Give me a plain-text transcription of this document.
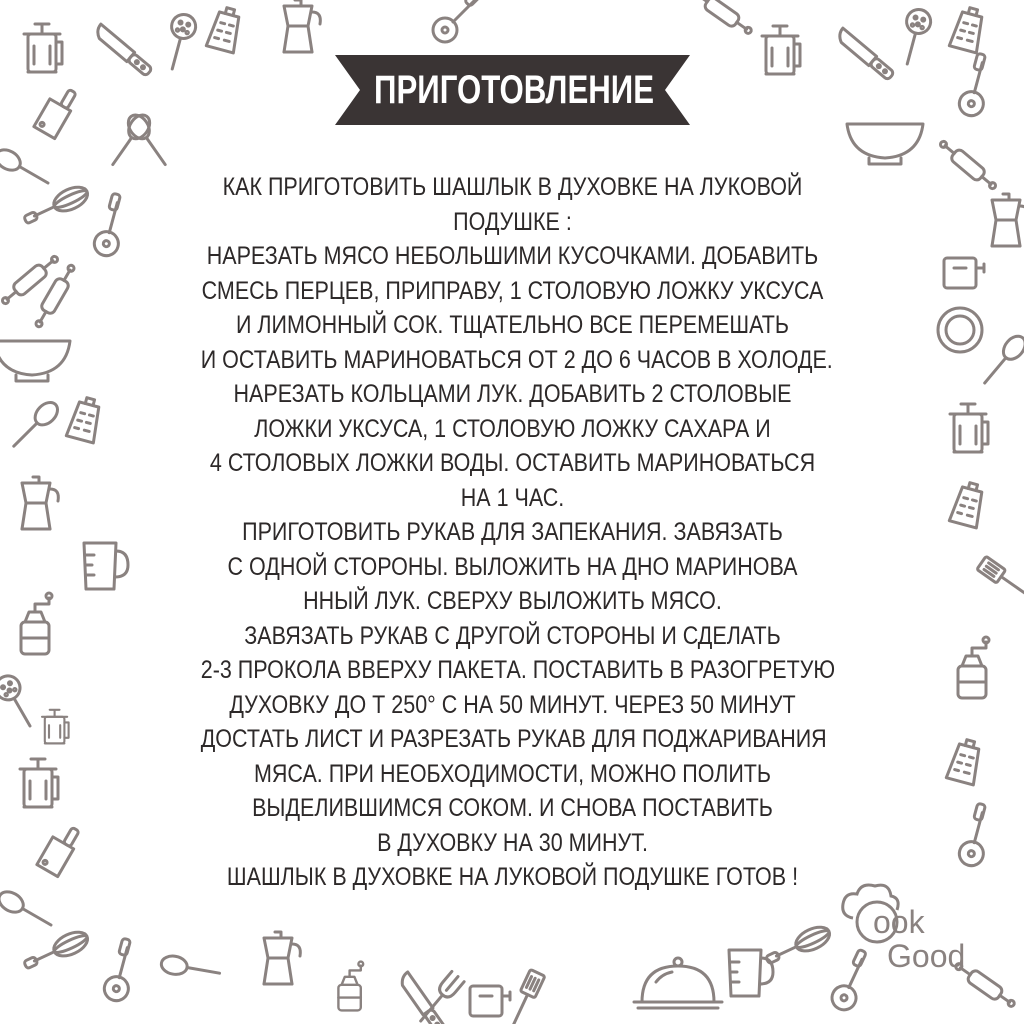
ПРИГОТОВЛЕНИЕ
КАК ПРИГОТОВИТЬ ШАШЛЫК В ДУХОВКЕ НА ЛУКОВОЙ
ПОДУШКЕ :
НАРЕЗАТЬ МЯСО НЕБОЛЬШИМИ КУСОЧКАМИ. ДОБАВИТЬ
СМЕСЬ ПЕРЦЕВ, ПРИПРАВУ, 1 СТОЛОВУЮ ЛОЖКУ УКСУСА
И ЛИМОННЫЙ СОК. ТЩАТЕЛЬНО ВСЕ ПЕРЕМЕШАТЬ
И ОСТАВИТЬ МАРИНОВАТЬСЯ ОТ 2 ДО 6 ЧАСОВ В ХОЛОДЕ.
НАРЕЗАТЬ КОЛЬЦАМИ ЛУК. ДОБАВИТЬ 2 СТОЛОВЫЕ
ЛОЖКИ УКСУСА, 1 СТОЛОВУЮ ЛОЖКУ САХАРА И
4 СТОЛОВЫХ ЛОЖКИ ВОДЫ. ОСТАВИТЬ МАРИНОВАТЬСЯ
НА 1 ЧАС.
ПРИГОТОВИТЬ РУКАВ ДЛЯ ЗАПЕКАНИЯ. ЗАВЯЗАТЬ
С ОДНОЙ СТОРОНЫ. ВЫЛОЖИТЬ НА ДНО МАРИНОВА
ННЫЙ ЛУК. СВЕРХУ ВЫЛОЖИТЬ МЯСО.
ЗАВЯЗАТЬ РУКАВ С ДРУГОЙ СТОРОНЫ И СДЕЛАТЬ
2-3 ПРОКОЛА ВВЕРХУ ПАКЕТА. ПОСТАВИТЬ В РАЗОГРЕТУЮ
ДУХОВКУ ДО Т 250° С НА 50 МИНУТ. ЧЕРЕЗ 50 МИНУТ
ДОСТАТЬ ЛИСТ И РАЗРЕЗАТЬ РУКАВ ДЛЯ ПОДЖАРИВАНИЯ
МЯСА. ПРИ НЕОБХОДИМОСТИ, МОЖНО ПОЛИТЬ
ВЫДЕЛИВШИМСЯ СОКОМ. И СНОВА ПОСТАВИТЬ
В ДУХОВКУ НА 30 МИНУТ.
ШАШЛЫК В ДУХОВКЕ НА ЛУКОВОЙ ПОДУШКЕ ГОТОВ !
ook
Good
